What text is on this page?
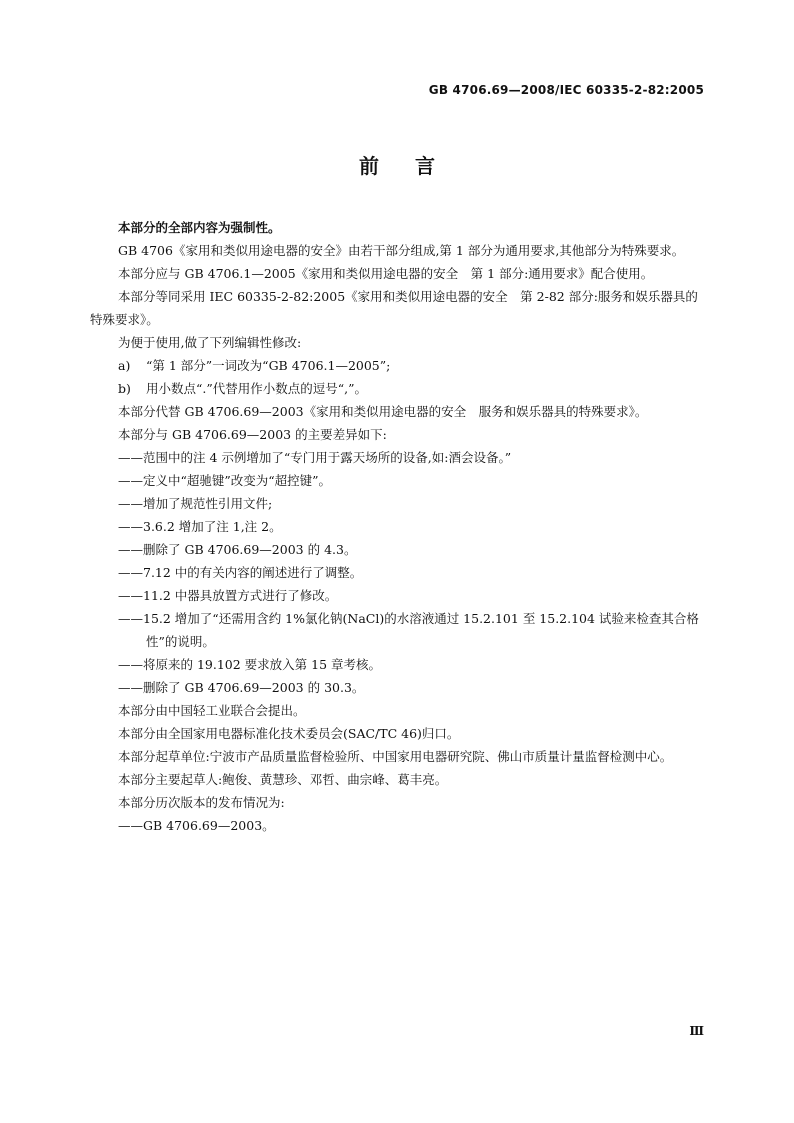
GB 4706.69—2008/IEC 60335-2-82:2005
前 言

本部分的全部内容为强制性。

GB 4706《家用和类似用途电器的安全》由若干部分组成,第 1 部分为通用要求,其他部分为特殊要求。

本部分应与 GB 4706.1—2005《家用和类似用途电器的安全　第 1 部分:通用要求》配合使用。

本部分等同采用 IEC 60335-2-82:2005《家用和类似用途电器的安全　第 2-82 部分:服务和娱乐器具的特殊要求》。

为便于使用,做了下列编辑性修改:

a) “第 1 部分”一词改为“GB 4706.1—2005”;

b) 用小数点“.”代替用作小数点的逗号“,”。

本部分代替 GB 4706.69—2003《家用和类似用途电器的安全　服务和娱乐器具的特殊要求》。

本部分与 GB 4706.69—2003 的主要差异如下:

——范围中的注 4 示例增加了“专门用于露天场所的设备,如:酒会设备。”

——定义中“超驰键”改变为“超控键”。

——增加了规范性引用文件;

——3.6.2 增加了注 1,注 2。

——删除了 GB 4706.69—2003 的 4.3。

——7.12 中的有关内容的阐述进行了调整。

——11.2 中器具放置方式进行了修改。

——15.2 增加了“还需用含约 1%氯化钠(NaCl)的水溶液通过 15.2.101 至 15.2.104 试验来检查其合格性”的说明。

——将原来的 19.102 要求放入第 15 章考核。

——删除了 GB 4706.69—2003 的 30.3。

本部分由中国轻工业联合会提出。

本部分由全国家用电器标准化技术委员会(SAC/TC 46)归口。

本部分起草单位:宁波市产品质量监督检验所、中国家用电器研究院、佛山市质量计量监督检测中心。

本部分主要起草人:鲍俊、黄慧珍、邓哲、曲宗峰、葛丰亮。

本部分历次版本的发布情况为:

——GB 4706.69—2003。

Ⅲ
